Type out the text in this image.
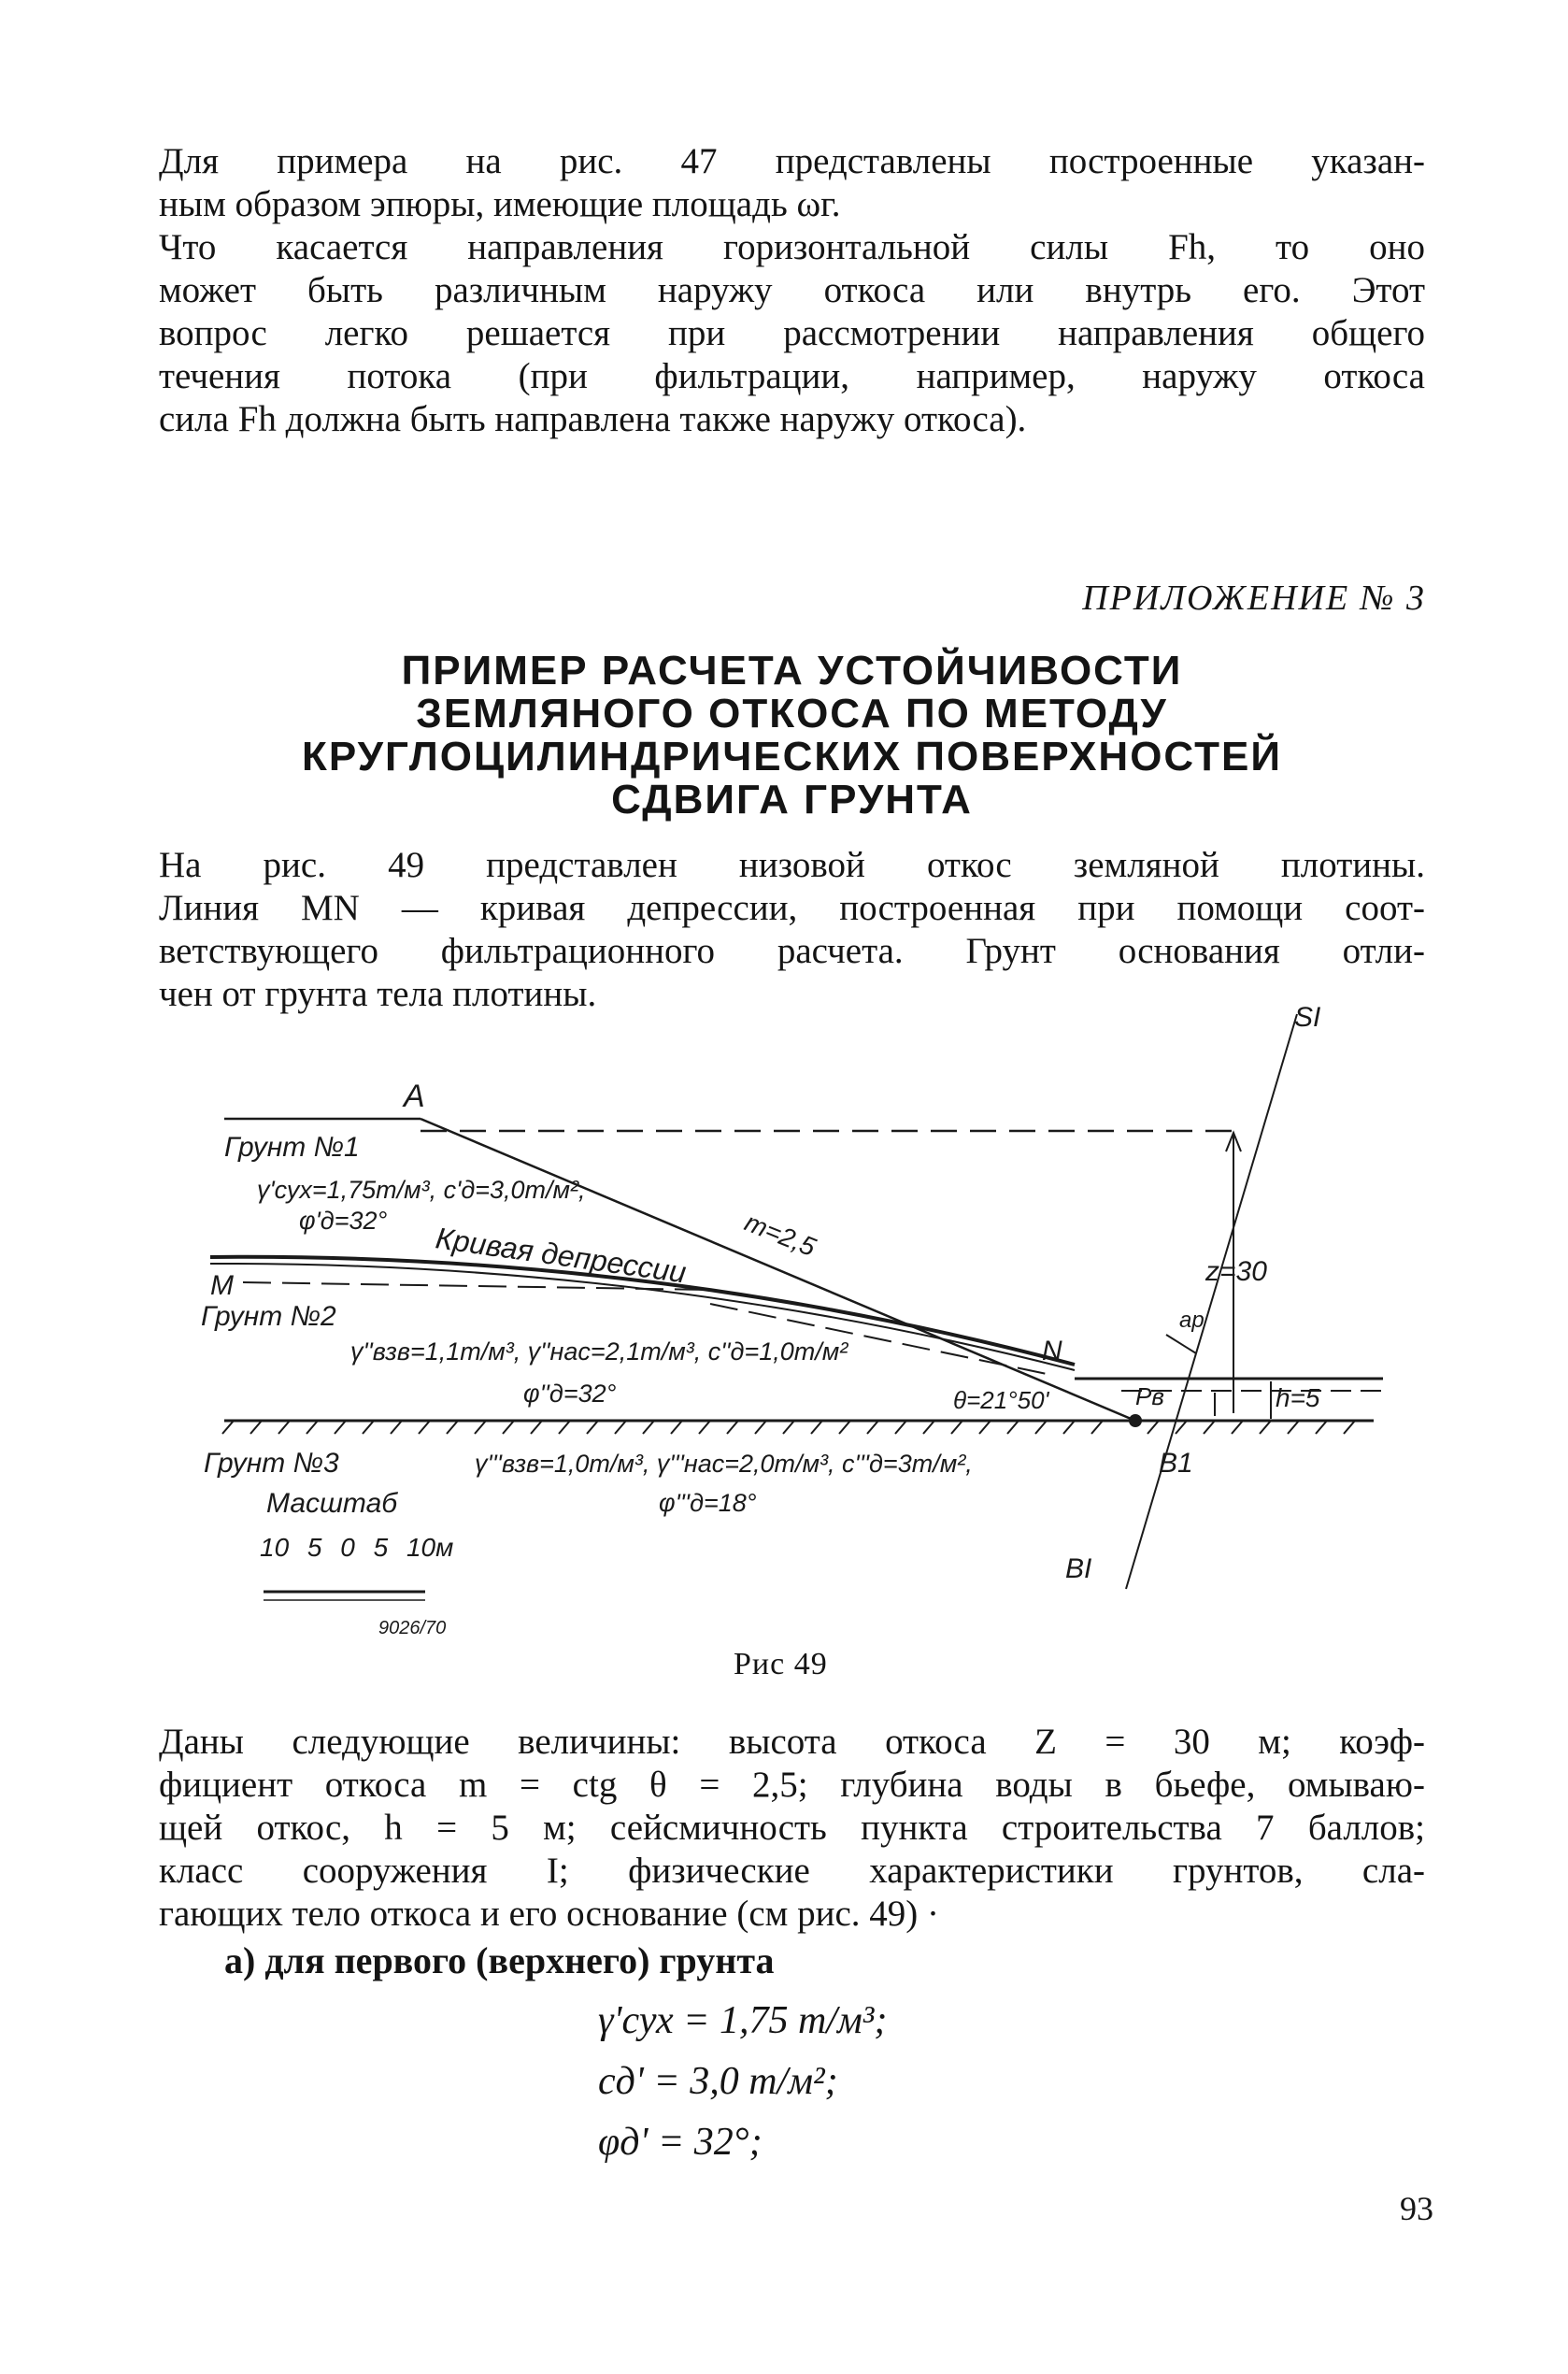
Для примера на рис. 47 представлены построенные указан-
ным образом эпюры, имеющие площадь ωг.
Что касается направления горизонтальной силы Fh, то оно
может быть различным наружу откоса или внутрь его. Этот
вопрос легко решается при рассмотрении направления общего
течения потока (при фильтрации, например, наружу откоса
сила Fh должна быть направлена также наружу откоса).
ПРИЛОЖЕНИЕ № 3
ПРИМЕР РАСЧЕТА УСТОЙЧИВОСТИ
ЗЕМЛЯНОГО ОТКОСА ПО МЕТОДУ
КРУГЛОЦИЛИНДРИЧЕСКИХ ПОВЕРХНОСТЕЙ
СДВИГА ГРУНТА
На рис. 49 представлен низовой откос земляной плотины.
Линия MN — кривая депрессии, построенная при помощи соот-
ветствующего фильтрационного расчета. Грунт основания отли-
чен от грунта тела плотины.
A
Грунт №1
γ'сух=1,75т/м³, c'д=3,0т/м²,
φ'д=32°
Кривая депрессии m=2,5
M
Грунт №2
γ''взв=1,1т/м³, γ''нас=2,1т/м³, c''д=1,0т/м²
φ''д=32°
N
θ=21°50'	Pв	h=5
z=30
ap
SI
Грунт №3	γ'''взв=1,0т/м³, γ'''нас=2,0т/м³, c'''д=3т/м²,
φ'''д=18°
B1
BI
Масштаб
10 5 0 5 10м
9026/70
Рис 49
Даны следующие величины: высота откоса Z = 30 м; коэф-
фициент откоса m = ctg θ = 2,5; глубина воды в бьефе, омываю-
щей откос, h = 5 м; сейсмичность пункта строительства 7 баллов;
класс сооружения I; физические характеристики грунтов, сла-
гающих тело откоса и его основание (см рис. 49) ·
а) для первого (верхнего) грунта
γ'сух = 1,75 т/м³;
cд' = 3,0 т/м²;
φд' = 32°;
93
